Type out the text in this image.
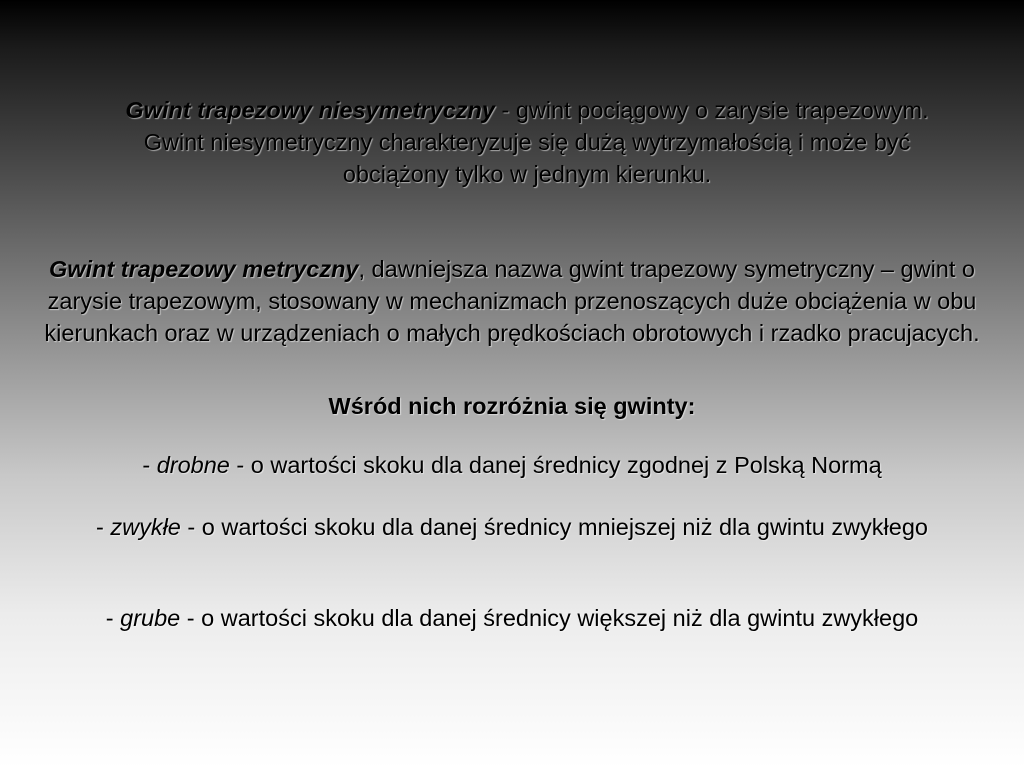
Gwint trapezowy niesymetryczny - gwint pociągowy o zarysie trapezowym. Gwint niesymetryczny charakteryzuje się dużą wytrzymałością i może być obciążony tylko w jednym kierunku.
Gwint trapezowy metryczny, dawniejsza nazwa gwint trapezowy symetryczny – gwint o zarysie trapezowym, stosowany w mechanizmach przenoszących duże obciążenia w obu kierunkach oraz w urządzeniach o małych prędkościach obrotowych i rzadko pracujacych.
Wśród nich rozróżnia się gwinty:
- drobne - o wartości skoku dla danej średnicy zgodnej z Polską Normą
- zwykłe - o wartości skoku dla danej średnicy mniejszej niż dla gwintu zwykłego
- grube - o wartości skoku dla danej średnicy większej niż dla gwintu zwykłego
